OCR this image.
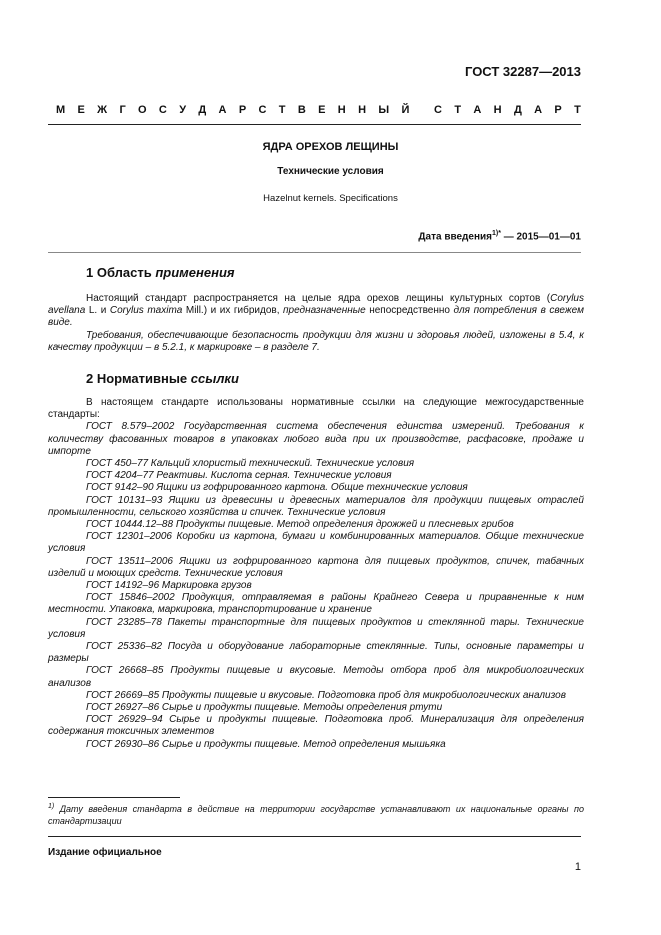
ГОСТ 32287—2013
М Е Ж Г О С У Д А Р С Т В Е Н Н Ы Й С Т А Н Д А Р Т
ЯДРА ОРЕХОВ ЛЕЩИНЫ
Технические условия
Hazelnut kernels. Specifications
Дата введения$^{1)*}$ — 2015—01—01
1 Область применения

Настоящий стандарт распространяется на целые ядра орехов лещины культурных сортов (Corylus avellana L. и Corylus maxima Mill.) и их гибридов, предназначенные непосредственно для потребления в свежем виде.

Требования, обеспечивающие безопасность продукции для жизни и здоровья людей, изложены в 5.4, к качеству продукции – в 5.2.1, к маркировке – в разделе 7.

2 Нормативные ссылки

В настоящем стандарте использованы нормативные ссылки на следующие межгосударственные стандарты:

ГОСТ 8.579–2002 Государственная система обеспечения единства измерений. Требования к количеству фасованных товаров в упаковках любого вида при их производстве, расфасовке, продаже и импорте

ГОСТ 450–77 Кальций хлористый технический. Технические условия

ГОСТ 4204–77 Реактивы. Кислота серная. Технические условия

ГОСТ 9142–90 Ящики из гофрированного картона. Общие технические условия

ГОСТ 10131–93 Ящики из древесины и древесных материалов для продукции пищевых отраслей промышленности, сельского хозяйства и спичек. Технические условия

ГОСТ 10444.12–88 Продукты пищевые. Метод определения дрожжей и плесневых грибов

ГОСТ 12301–2006 Коробки из картона, бумаги и комбинированных материалов. Общие технические условия

ГОСТ 13511–2006 Ящики из гофрированного картона для пищевых продуктов, спичек, табачных изделий и моющих средств. Технические условия

ГОСТ 14192–96 Маркировка грузов

ГОСТ 15846–2002 Продукция, отправляемая в районы Крайнего Севера и приравненные к ним местности. Упаковка, маркировка, транспортирование и хранение

ГОСТ 23285–78 Пакеты транспортные для пищевых продуктов и стеклянной тары. Технические условия

ГОСТ 25336–82 Посуда и оборудование лабораторные стеклянные. Типы, основные параметры и размеры

ГОСТ 26668–85 Продукты пищевые и вкусовые. Методы отбора проб для микробиологических анализов

ГОСТ 26669–85 Продукты пищевые и вкусовые. Подготовка проб для микробиологических анализов

ГОСТ 26927–86 Сырье и продукты пищевые. Методы определения ртути

ГОСТ 26929–94 Сырье и продукты пищевые. Подготовка проб. Минерализация для определения содержания токсичных элементов

ГОСТ 26930–86 Сырье и продукты пищевые. Метод определения мышьяка

$^{1)}$ Дату введения стандарта в действие на территории государстве устанавливают их национальные органы по стандартизации
Издание официальное
1
